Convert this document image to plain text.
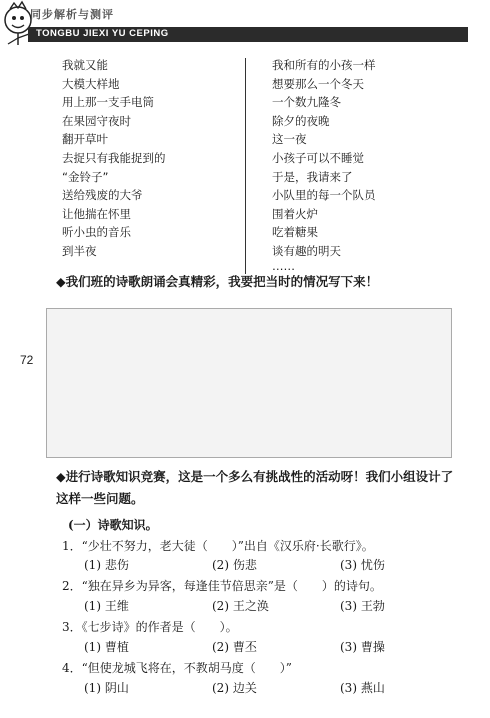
同步解析与测评
TONGBU JIEXI YU CEPING
我就又能
大模大样地
用上那一支手电筒
在果园守夜时
翻开草叶
去捉只有我能捉到的
“金铃子”
送给残废的大爷
让他揣在怀里
听小虫的音乐
到半夜
我和所有的小孩一样
想要那么一个冬天
一个数九隆冬
除夕的夜晚
这一夜
小孩子可以不睡觉
于是，我请来了
小队里的每一个队员
围着火炉
吃着糖果
谈有趣的明天
……
◆我们班的诗歌朗诵会真精彩，我要把当时的情况写下来！
72
◆进行诗歌知识竞赛，这是一个多么有挑战性的活动呀！我们小组设计了这样一些问题。
(一）诗歌知识。
1．“少壮不努力，老大徒（　　）”出自《汉乐府·长歌行》。
(1) 悲伤	(2) 伤悲	(3) 忧伤
2．“独在异乡为异客，每逢佳节倍思亲”是（　　）的诗句。
(1) 王维	(2) 王之涣	(3) 王勃
3．《七步诗》的作者是（　　）。
(1) 曹植	(2) 曹丕	(3) 曹操
4．“但使龙城飞将在，不教胡马度（　　）”
(1) 阴山	(2) 边关	(3) 燕山
